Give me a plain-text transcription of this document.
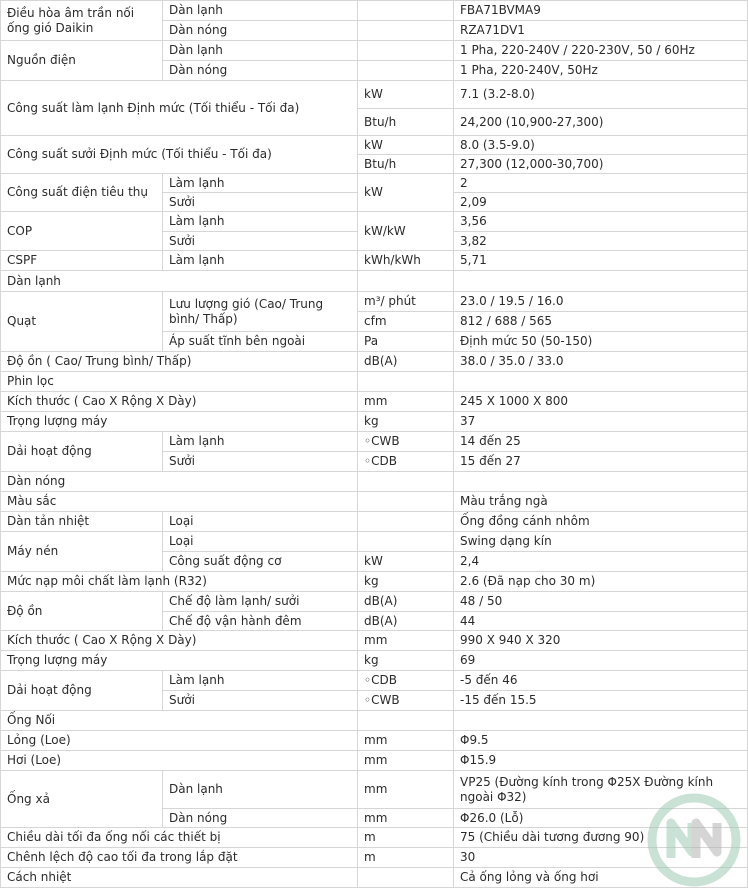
Điều hòa âm trần nối ống gió Daikin	Dàn lạnh		FBA71BVMA9
	Dàn nóng		RZA71DV1
Nguồn điện	Dàn lạnh		1 Pha, 220-240V / 220-230V, 50 / 60Hz
	Dàn nóng		1 Pha, 220-240V, 50Hz
Công suất làm lạnh Định mức (Tối thiểu - Tối đa)		kW	7.1 (3.2-8.0)
		Btu/h	24,200 (10,900-27,300)
Công suất sưởi Định mức (Tối thiểu - Tối đa)		kW	8.0 (3.5-9.0)
		Btu/h	27,300 (12,000-30,700)
Công suất điện tiêu thụ	Làm lạnh	kW	2
	Sưởi		2,09
COP	Làm lạnh	kW/kW	3,56
	Sưởi		3,82
CSPF	Làm lạnh	kWh/kWh	5,71
Dàn lạnh			
Quạt	Lưu lượng gió (Cao/ Trung bình/ Thấp)	m³/ phút	23.0 / 19.5 / 16.0
		cfm	812 / 688 / 565
	Áp suất tĩnh bên ngoài	Pa	Định mức 50 (50-150)
Độ ồn ( Cao/ Trung bình/ Thấp)		dB(A)	38.0 / 35.0 / 33.0
Phin lọc			
Kích thước ( Cao X Rộng X Dày)		mm	245 X 1000 X 800
Trọng lượng máy		kg	37
Dải hoạt động	Làm lạnh	◦CWB	14 đến 25
	Sưởi	◦CDB	15 đến 27
Dàn nóng			
Màu sắc			Màu trắng ngà
Dàn tản nhiệt	Loại		Ống đồng cánh nhôm
Máy nén	Loại		Swing dạng kín
	Công suất động cơ	kW	2,4
Mức nạp môi chất làm lạnh (R32)		kg	2.6 (Đã nạp cho 30 m)
Độ ồn	Chế độ làm lạnh/ sưởi	dB(A)	48 / 50
	Chế độ vận hành đêm	dB(A)	44
Kích thước ( Cao X Rộng X Dày)		mm	990 X 940 X 320
Trọng lượng máy		kg	69
Dải hoạt động	Làm lạnh	◦CDB	-5 đến 46
	Sưởi	◦CWB	-15 đến 15.5
Ống Nối			
Lỏng (Loe)		mm	Φ9.5
Hơi (Loe)		mm	Φ15.9
Ống xả	Dàn lạnh	mm	VP25 (Đường kính trong Φ25X Đường kính ngoài Φ32)
	Dàn nóng	mm	Φ26.0 (Lỗ)
Chiều dài tối đa ống nối các thiết bị		m	75 (Chiều dài tương đương 90)
Chênh lệch độ cao tối đa trong lắp đặt		m	30
Cách nhiệt			Cả ống lỏng và ống hơi
